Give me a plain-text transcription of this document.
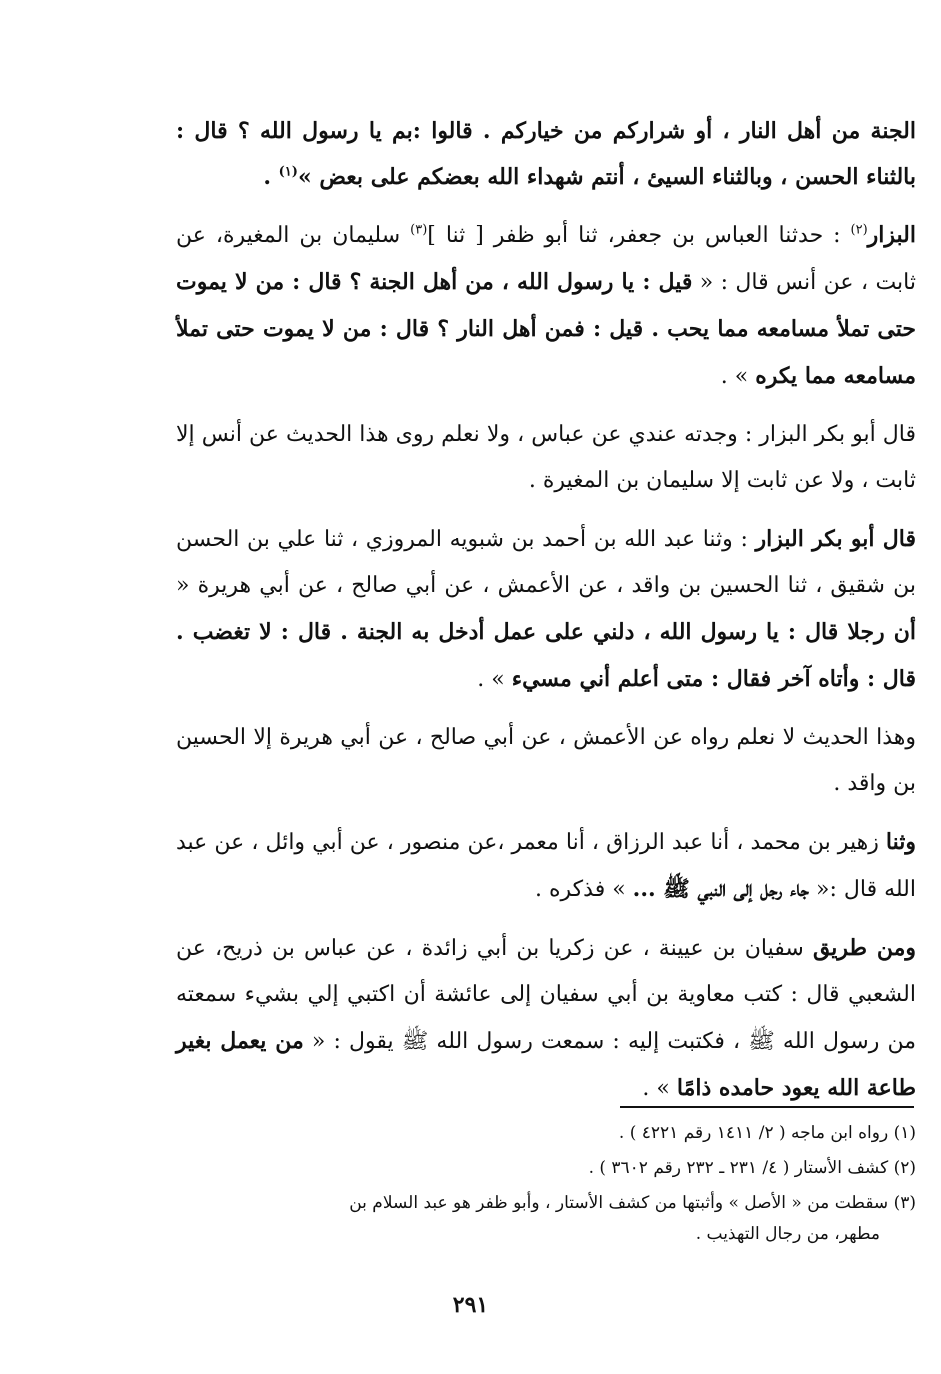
الجنة من أهل النار ، أو شراركم من خياركم . قالوا :بم يا رسول الله ؟ قال : بالثناء الحسن ، وبالثناء السيئ ، أنتم شهداء الله بعضكم على بعض »$^{(١)}$ .

البزار$^{(٢)}$ : حدثنا العباس بن جعفر، ثنا أبو ظفر [ ثنا ]$^{(٣)}$ سليمان بن المغيرة، عن ثابت ، عن أنس قال : « قيل : يا رسول الله ، من أهل الجنة ؟ قال : من لا يموت حتى تملأ مسامعه مما يحب . قيل : فمن أهل النار ؟ قال : من لا يموت حتى تملأ مسامعه مما يكره » .

قال أبو بكر البزار : وجدته عندي عن عباس ، ولا نعلم روى هذا الحديث عن أنس إلا ثابت ، ولا عن ثابت إلا سليمان بن المغيرة .

قال أبو بكر البزار : وثنا عبد الله بن أحمد بن شبويه المروزي ، ثنا علي بن الحسن بن شقيق ، ثنا الحسين بن واقد ، عن الأعمش ، عن أبي صالح ، عن أبي هريرة « أن رجلا قال : يا رسول الله ، دلني على عمل أدخل به الجنة . قال : لا تغضب . قال : وأتاه آخر فقال : متى أعلم أني مسيء » .

وهذا الحديث لا نعلم رواه عن الأعمش ، عن أبي صالح ، عن أبي هريرة إلا الحسين بن واقد .

وثنا زهير بن محمد ، أنا عبد الرزاق ، أنا معمر ،عن منصور ، عن أبي وائل ، عن عبد الله قال :« جاء رجل إلى النبي ﷺ ... » فذكره .

ومن طريق سفيان بن عيينة ، عن زكريا بن أبي زائدة ، عن عباس بن ذريح، عن الشعبي قال : كتب معاوية بن أبي سفيان إلى عائشة أن اكتبي إلي بشيء سمعته من رسول الله ﷺ ، فكتبت إليه : سمعت رسول الله ﷺ يقول : « من يعمل بغير طاعة الله يعود حامده ذامًا » .

(١) رواه ابن ماجه ( ٢/ ١٤١١ رقم ٤٢٢١ ) .

(٢) كشف الأستار ( ٤/ ٢٣١ ـ ٢٣٢ رقم ٣٦٠٢ ) .

(٣) سقطت من « الأصل » وأثبتها من كشف الأستار ، وأبو ظفر هو عبد السلام بن
مطهر، من رجال التهذيب .

٢٩١
